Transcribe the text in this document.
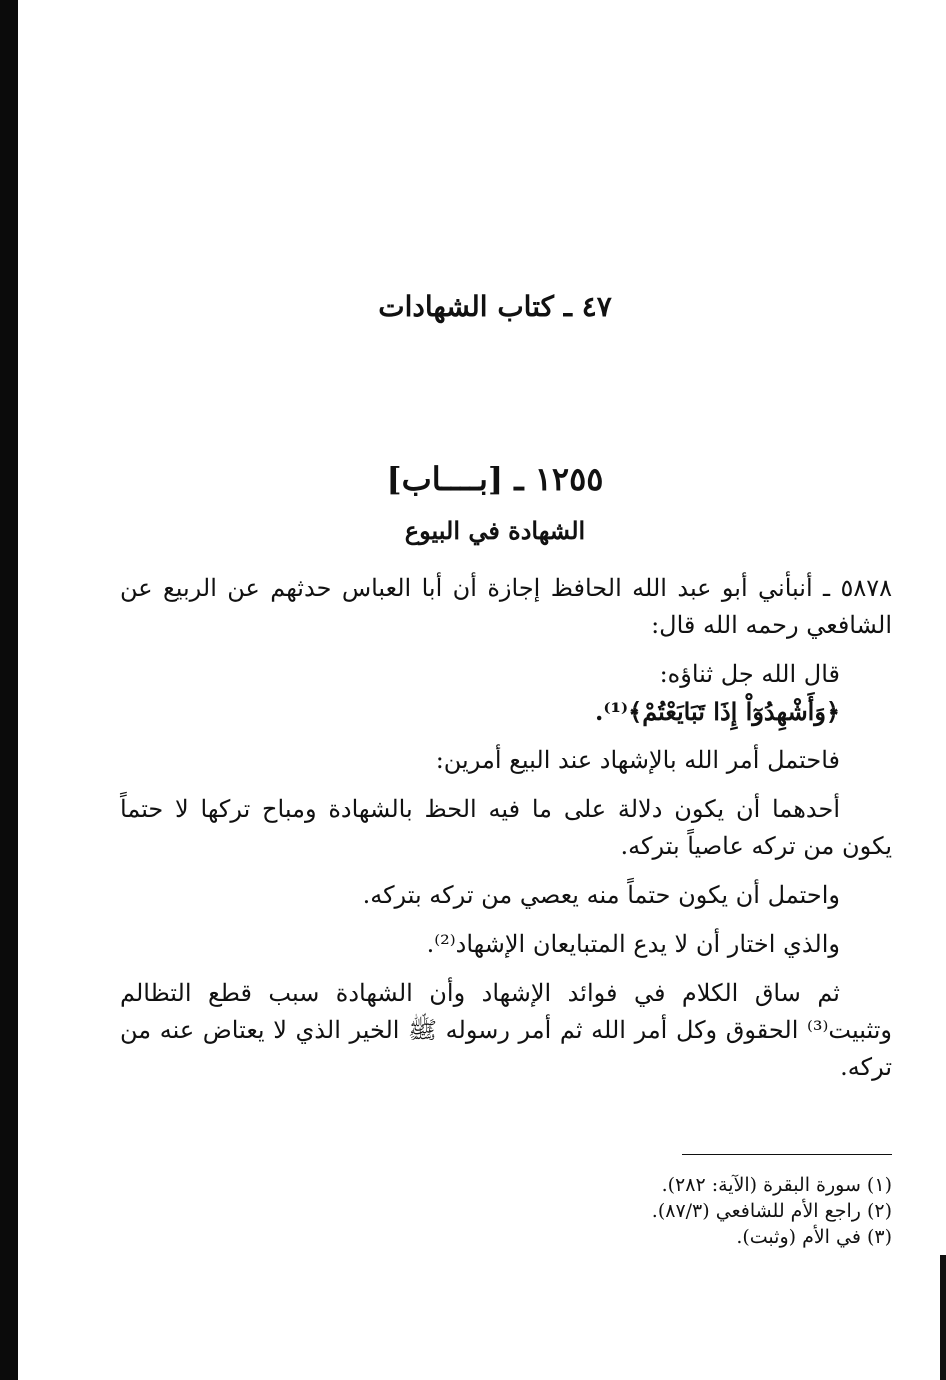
٤٧ ـ كتاب الشهادات
١٢٥٥ ـ [بــــاب]
الشهادة في البيوع

٥٨٧٨ ـ أنبأني أبو عبد الله الحافظ إجازة أن أبا العباس حدثهم عن الربيع عن الشافعي رحمه الله قال:

قال الله جل ثناؤه:

﴿وَأَشْهِدُوٓاْ إِذَا تَبَايَعْتُمْ﴾⁽¹⁾.

فاحتمل أمر الله بالإشهاد عند البيع أمرين:

أحدهما أن يكون دلالة على ما فيه الحظ بالشهادة ومباح تركها لا حتماً يكون من تركه عاصياً بتركه.

واحتمل أن يكون حتماً منه يعصي من تركه بتركه.

والذي اختار أن لا يدع المتبايعان الإشهاد⁽²⁾.

ثم ساق الكلام في فوائد الإشهاد وأن الشهادة سبب قطع التظالم وتثبيت⁽³⁾ الحقوق وكل أمر الله ثم أمر رسوله ﷺ الخير الذي لا يعتاض عنه من تركه.

(١) سورة البقرة (الآية: ٢٨٢).
(٢) راجع الأم للشافعي (٨٧/٣).
(٣) في الأم (وثبت).
